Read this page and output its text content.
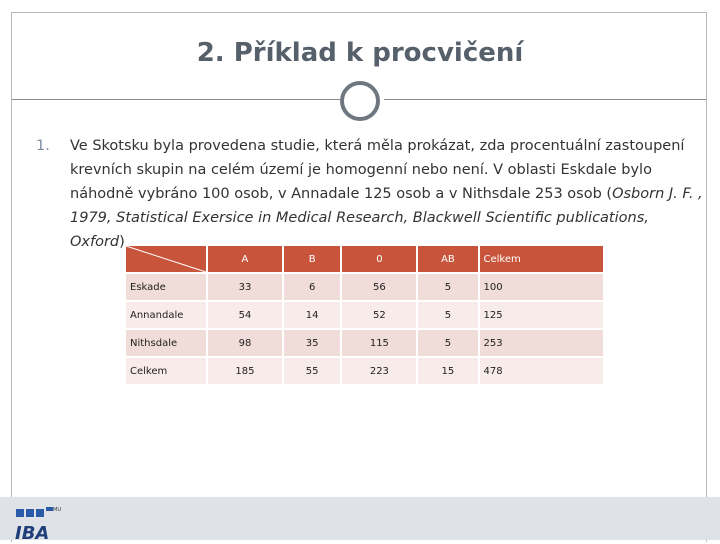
2. Příklad k procvičení
1.	Ve Skotsku byla provedena studie, která měla prokázat, zda procentuální zastoupení krevních skupin na celém území je homogenní nebo není. V oblasti Eskdale bylo náhodně vybráno 100 osob, v Annadale 125 osob a v Nithsdale 253 osob (Osborn J. F. , 1979, Statistical Exersice in Medical Research, Blackwell Scientific publications, Oxford)
	A	B	0	AB	Celkem
Eskade	33	6	56	5	100
Annandale	54	14	52	5	125
Nithsdale	98	35	115	5	253
Celkem	185	55	223	15	478
MU
IBA
